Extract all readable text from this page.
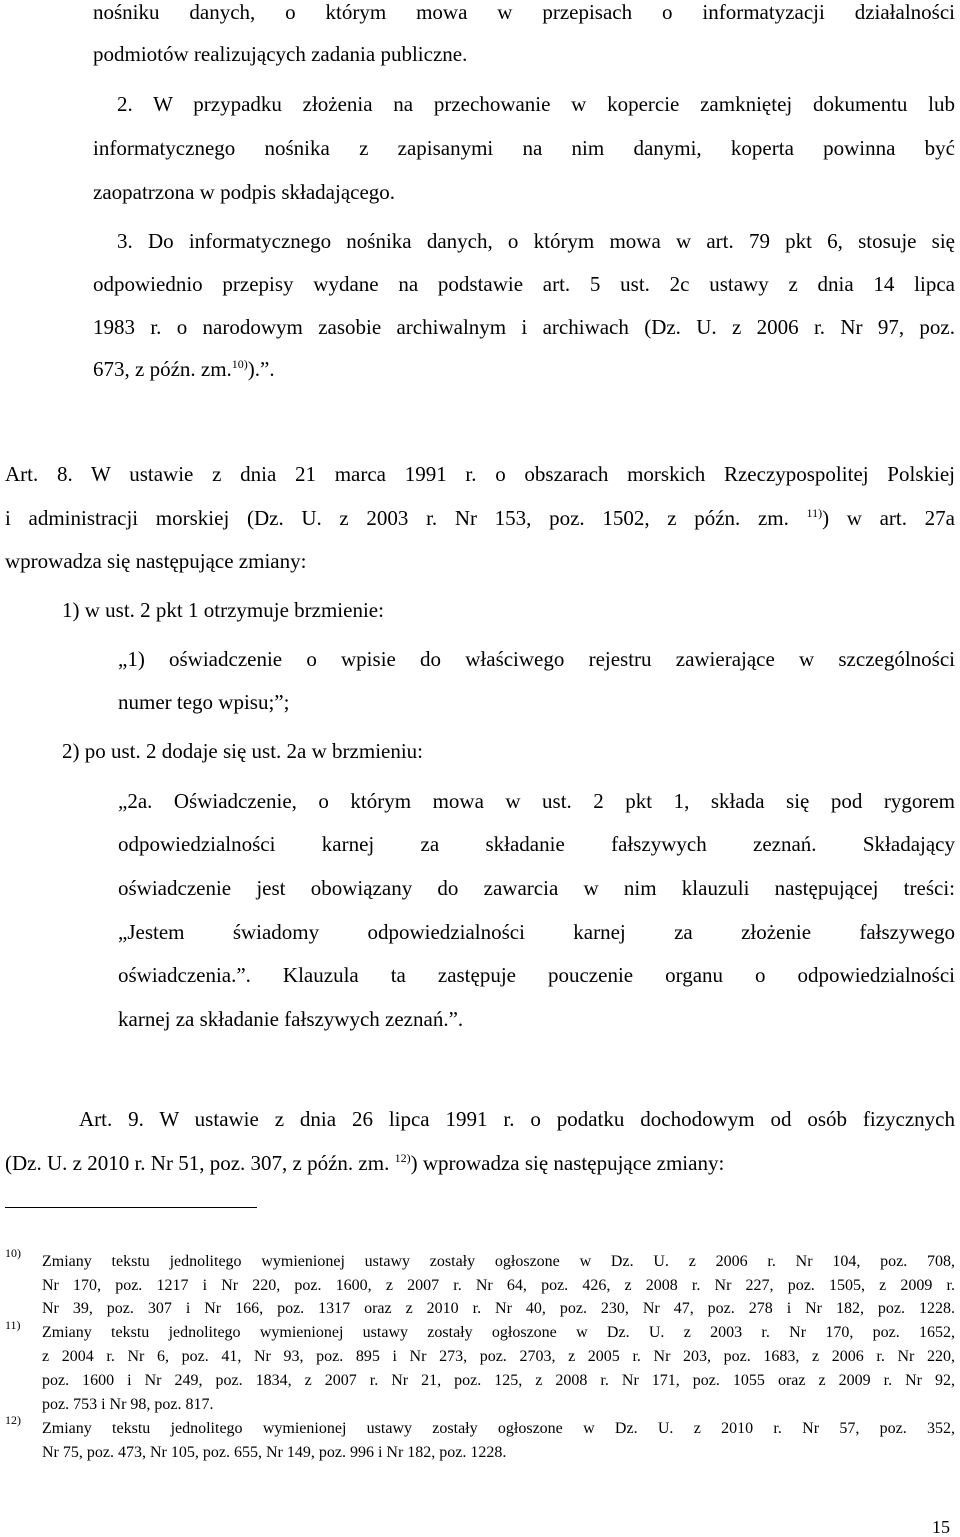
nośniku danych, o którym mowa w przepisach o informatyzacji działalności
podmiotów realizujących zadania publiczne.
2. W przypadku złożenia na przechowanie w kopercie zamkniętej dokumentu lub
informatycznego nośnika z zapisanymi na nim danymi, koperta powinna być
zaopatrzona w podpis składającego.
3. Do informatycznego nośnika danych, o którym mowa w art. 79 pkt 6, stosuje się
odpowiednio przepisy wydane na podstawie art. 5 ust. 2c ustawy z dnia 14 lipca
1983 r. o narodowym zasobie archiwalnym i archiwach (Dz. U. z 2006 r. Nr 97, poz.
673, z późn. zm.$^{10)}$).”.
Art. 8. W ustawie z dnia 21 marca 1991 r. o obszarach morskich Rzeczypospolitej Polskiej
i administracji morskiej (Dz. U. z 2003 r. Nr 153, poz. 1502, z późn. zm. $^{11)}$) w art. 27a
wprowadza się następujące zmiany:
1) w ust. 2 pkt 1 otrzymuje brzmienie:
„1) oświadczenie o wpisie do właściwego rejestru zawierające w szczególności
numer tego wpisu;”;
2) po ust. 2 dodaje się ust. 2a w brzmieniu:
„2a. Oświadczenie, o którym mowa w ust. 2 pkt 1, składa się pod rygorem
odpowiedzialności karnej za składanie fałszywych zeznań. Składający
oświadczenie jest obowiązany do zawarcia w nim klauzuli następującej treści:
„Jestem świadomy odpowiedzialności karnej za złożenie fałszywego
oświadczenia.”. Klauzula ta zastępuje pouczenie organu o odpowiedzialności
karnej za składanie fałszywych zeznań.”.
Art. 9. W ustawie z dnia 26 lipca 1991 r. o podatku dochodowym od osób fizycznych
(Dz. U. z 2010 r. Nr 51, poz. 307, z późn. zm. $^{12)}$) wprowadza się następujące zmiany:
10) Zmiany tekstu jednolitego wymienionej ustawy zostały ogłoszone w Dz. U. z 2006 r. Nr 104, poz. 708,
Nr 170, poz. 1217 i Nr 220, poz. 1600, z 2007 r. Nr 64, poz. 426, z 2008 r. Nr 227, poz. 1505, z 2009 r.
Nr 39, poz. 307 i Nr 166, poz. 1317 oraz z 2010 r. Nr 40, poz. 230, Nr 47, poz. 278 i Nr 182, poz. 1228.
11) Zmiany tekstu jednolitego wymienionej ustawy zostały ogłoszone w Dz. U. z 2003 r. Nr 170, poz. 1652,
z 2004 r. Nr 6, poz. 41, Nr 93, poz. 895 i Nr 273, poz. 2703, z 2005 r. Nr 203, poz. 1683, z 2006 r. Nr 220,
poz. 1600 i Nr 249, poz. 1834, z 2007 r. Nr 21, poz. 125, z 2008 r. Nr 171, poz. 1055 oraz z 2009 r. Nr 92,
poz. 753 i Nr 98, poz. 817.
12) Zmiany tekstu jednolitego wymienionej ustawy zostały ogłoszone w Dz. U. z 2010 r. Nr 57, poz. 352,
Nr 75, poz. 473, Nr 105, poz. 655, Nr 149, poz. 996 i Nr 182, poz. 1228.
15
